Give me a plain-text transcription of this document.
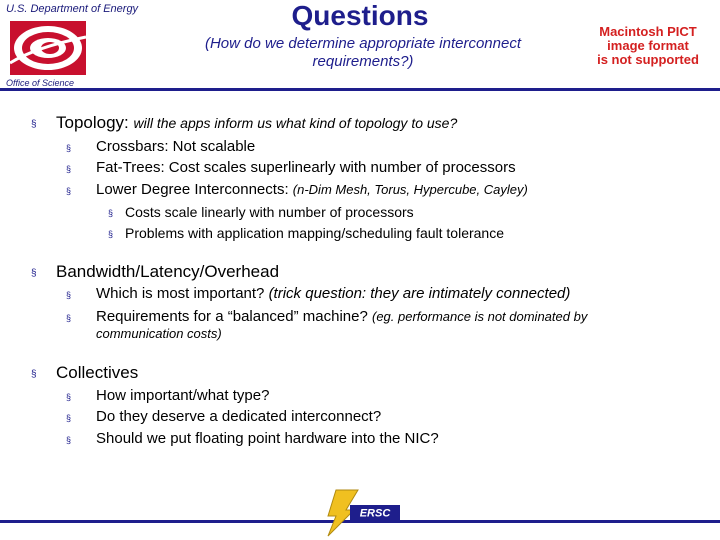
U.S. Department of Energy
Office of Science
Questions
(How do we determine appropriate interconnect
requirements?)
Macintosh PICT
image format
is not supported
§ Topology: will the apps inform us what kind of topology to use?
§ Crossbars: Not scalable
§ Fat-Trees: Cost scales superlinearly with number of processors
§ Lower Degree Interconnects: (n-Dim Mesh, Torus, Hypercube, Cayley)
§ Costs scale linearly with number of processors
§ Problems with application mapping/scheduling fault tolerance
§ Bandwidth/Latency/Overhead
§ Which is most important? (trick question: they are intimately connected)
§ Requirements for a “balanced” machine? (eg. performance is not dominated by
communication costs)
§ Collectives
§ How important/what type?
§ Do they deserve a dedicated interconnect?
§ Should we put floating point hardware into the NIC?
ERSC
